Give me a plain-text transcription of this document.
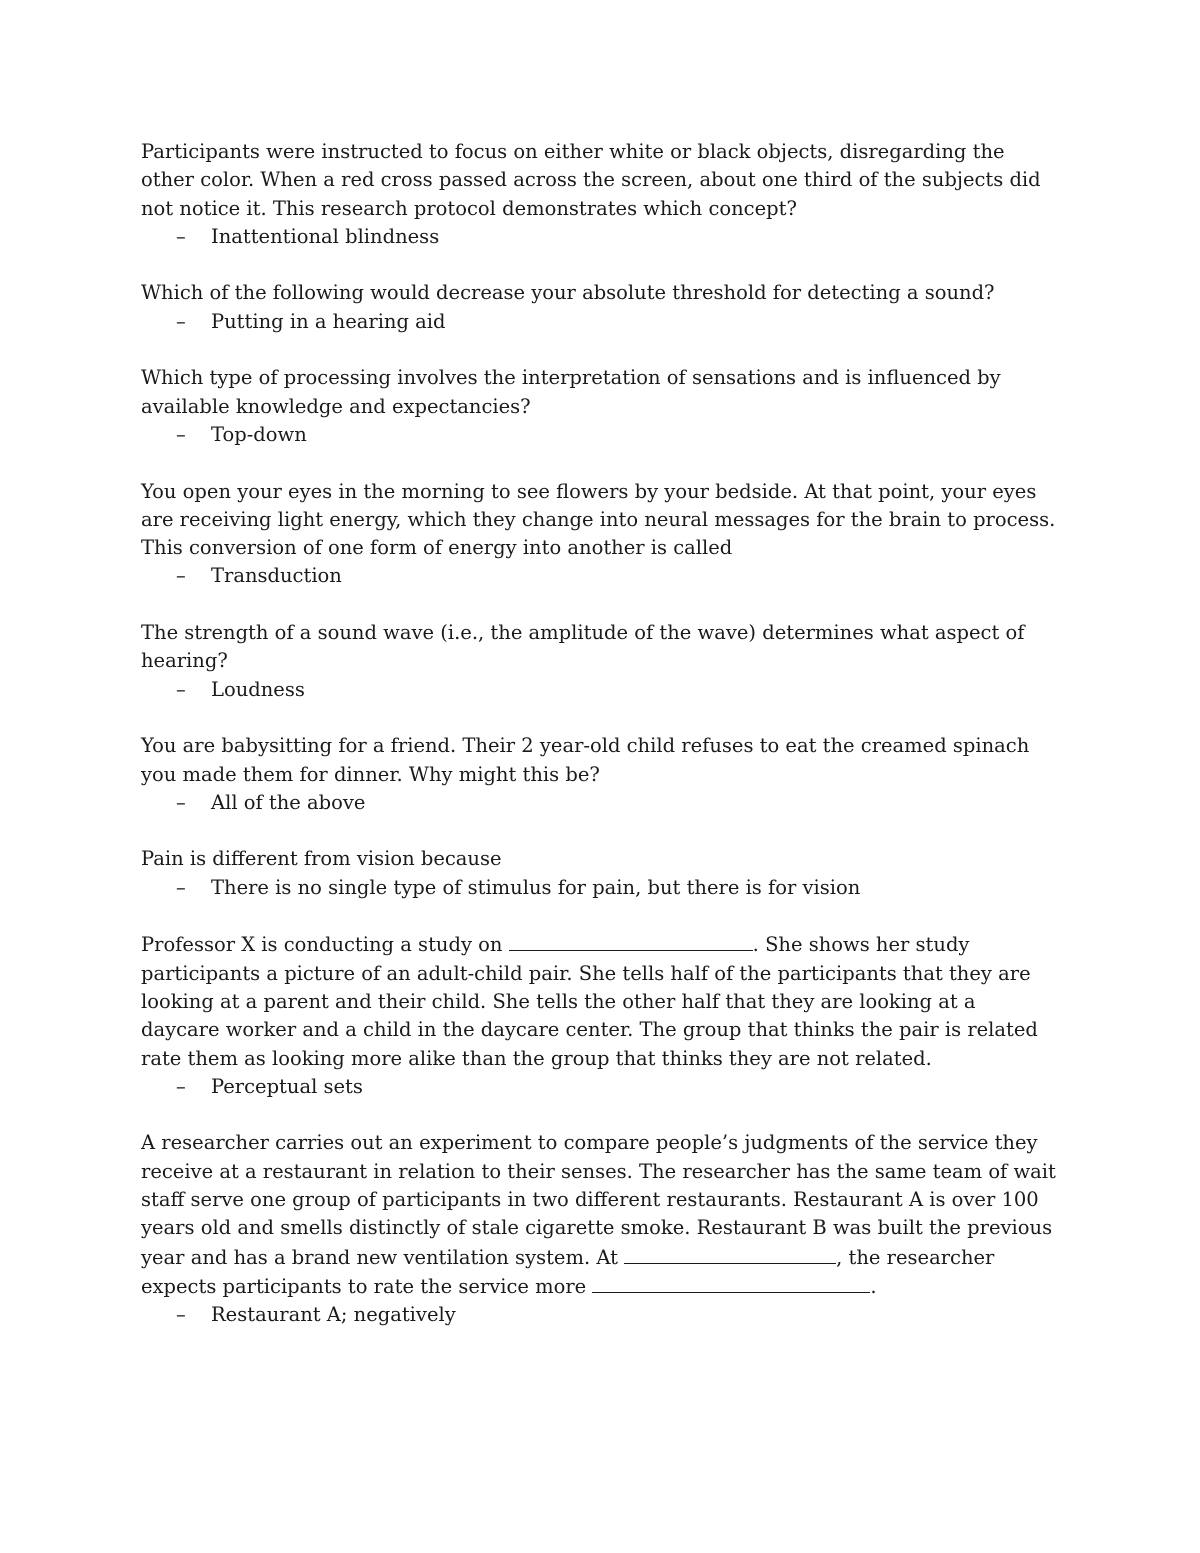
Participants were instructed to focus on either white or black objects, disregarding the other color. When a red cross passed across the screen, about one third of the subjects did not notice it. This research protocol demonstrates which concept?

–	Inattentional blindness

Which of the following would decrease your absolute threshold for detecting a sound?

–	Putting in a hearing aid

Which type of processing involves the interpretation of sensations and is influenced by available knowledge and expectancies?

–	Top-down

You open your eyes in the morning to see flowers by your bedside. At that point, your eyes are receiving light energy, which they change into neural messages for the brain to process. This conversion of one form of energy into another is called

–	Transduction

The strength of a sound wave (i.e., the amplitude of the wave) determines what aspect of hearing?

–	Loudness

You are babysitting for a friend. Their 2 year-old child refuses to eat the creamed spinach you made them for dinner. Why might this be?

–	All of the above

Pain is different from vision because

–	There is no single type of stimulus for pain, but there is for vision

Professor X is conducting a study on	. She shows her study participants a picture of an adult-child pair. She tells half of the participants that they are looking at a parent and their child. She tells the other half that they are looking at a daycare worker and a child in the daycare center. The group that thinks the pair is related rate them as looking more alike than the group that thinks they are not related.

–	Perceptual sets

A researcher carries out an experiment to compare people’s judgments of the service they receive at a restaurant in relation to their senses. The researcher has the same team of wait staff serve one group of participants in two different restaurants. Restaurant A is over 100 years old and smells distinctly of stale cigarette smoke. Restaurant B was built the previous year and has a brand new ventilation system. At	, the researcher expects participants to rate the service more	.

–	Restaurant A; negatively
